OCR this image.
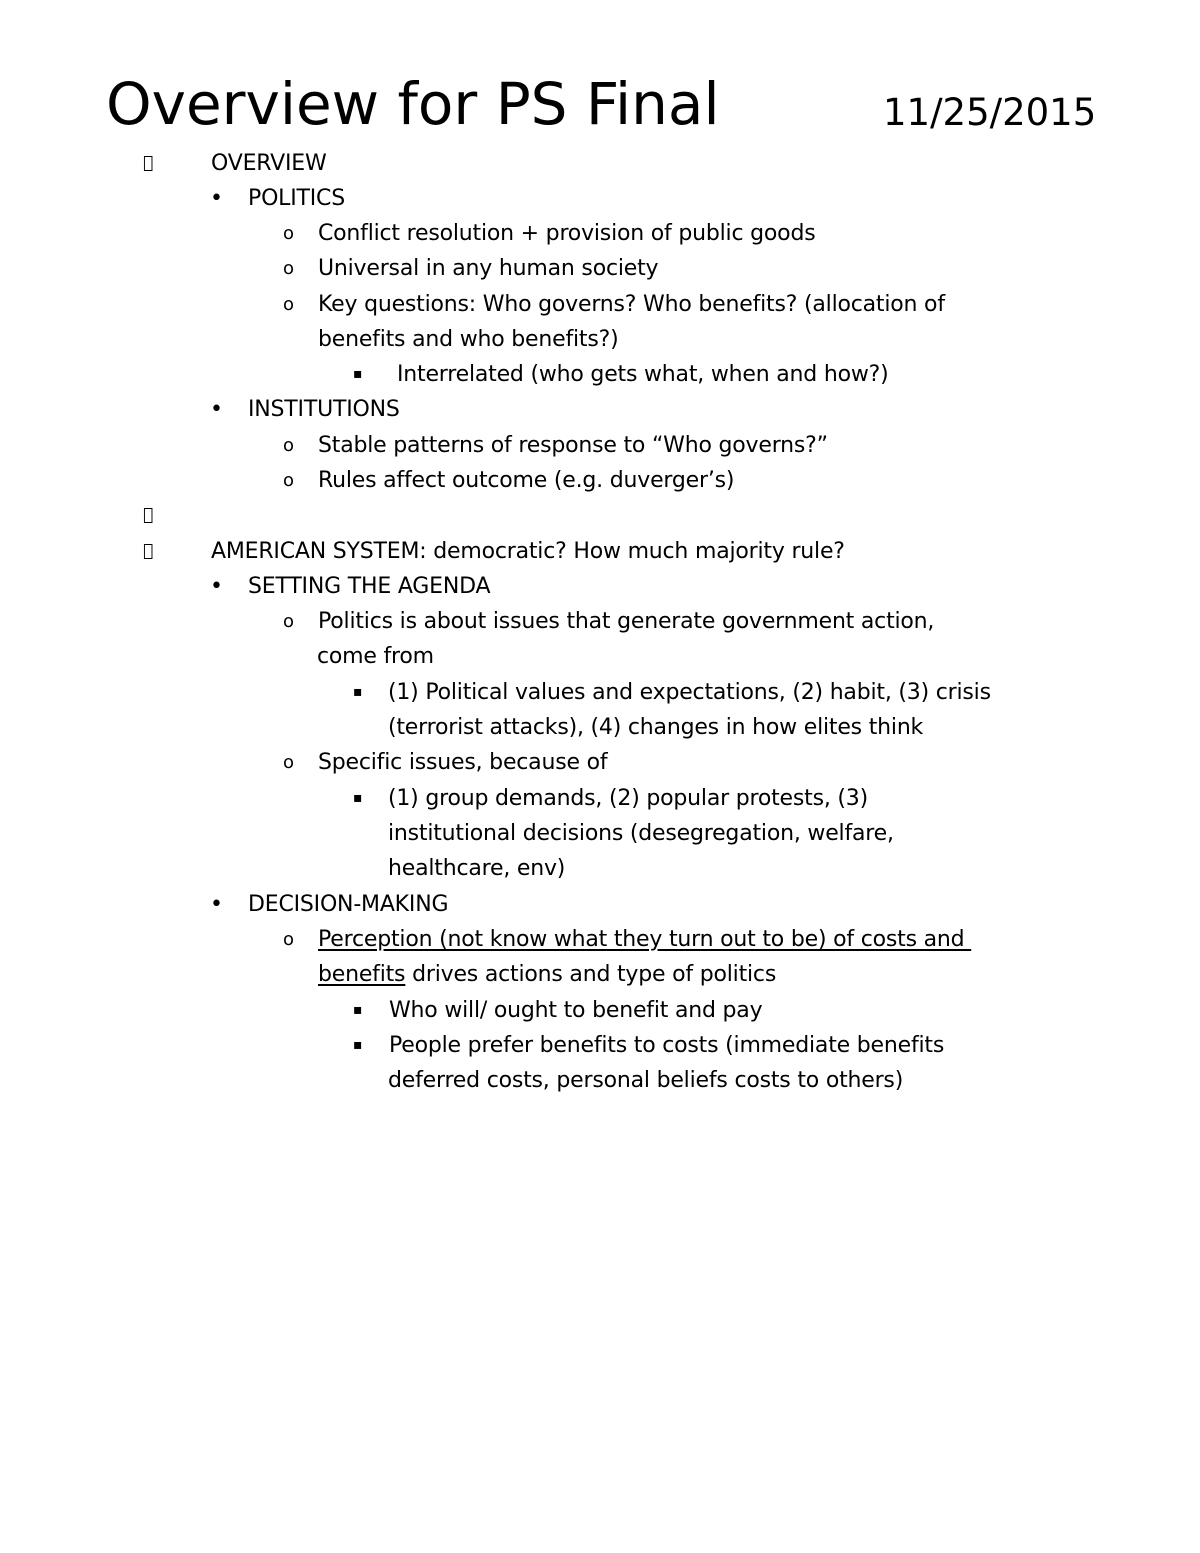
Overview for PS Final	11/25/2015
OVERVIEW
• POLITICS
o Conflict resolution + provision of public goods
o Universal in any human society
o Key questions: Who governs? Who benefits? (allocation of
benefits and who benefits?)
▪ Interrelated (who gets what, when and how?)
• INSTITUTIONS
o Stable patterns of response to “Who governs?”
o Rules affect outcome (e.g. duverger’s)
AMERICAN SYSTEM: democratic? How much majority rule?
• SETTING THE AGENDA
o Politics is about issues that generate government action,
come from
▪ (1) Political values and expectations, (2) habit, (3) crisis
(terrorist attacks), (4) changes in how elites think
o Specific issues, because of
▪ (1) group demands, (2) popular protests, (3)
institutional decisions (desegregation, welfare,
healthcare, env)
• DECISION-MAKING
o Perception (not know what they turn out to be) of costs and
benefits drives actions and type of politics
▪ Who will/ ought to benefit and pay
▪ People prefer benefits to costs (immediate benefits
deferred costs, personal beliefs costs to others)
